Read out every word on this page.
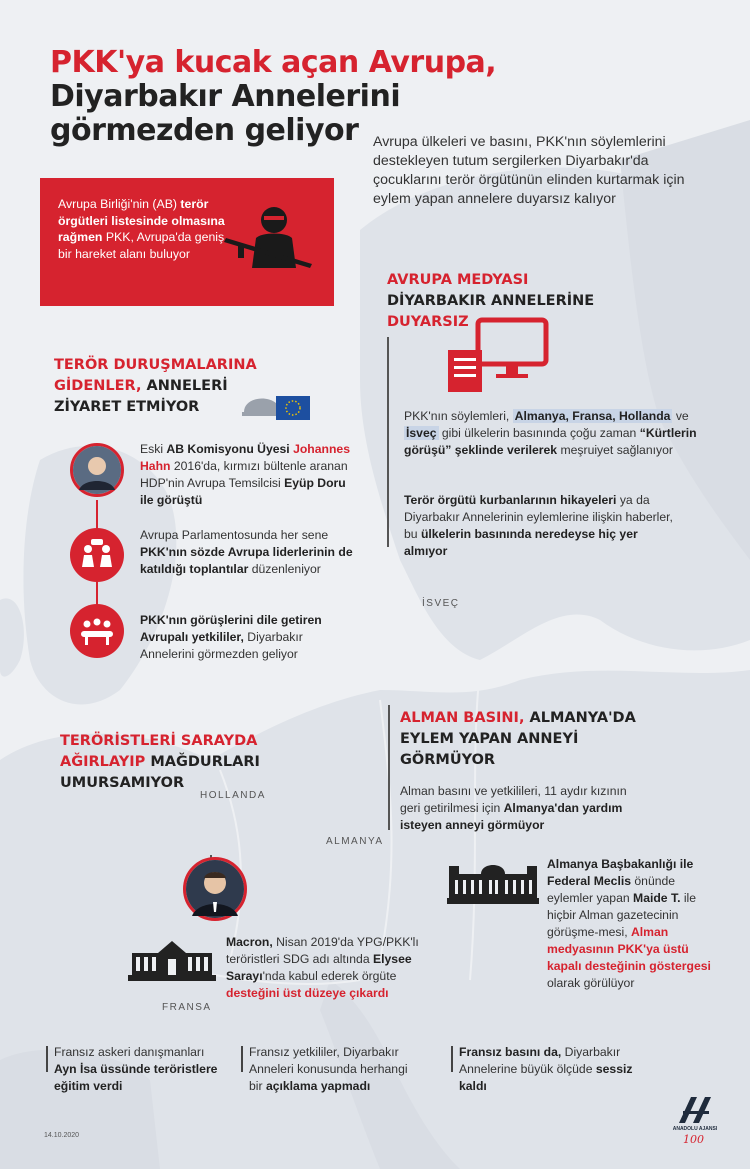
PKK'ya kucak açan Avrupa,
Diyarbakır Annelerini
görmezden geliyor	Avrupa ülkeleri ve basını, PKK'nın söylemlerini destekleyen tutum sergilerken Diyarbakır'da çocuklarını terör örgütünün elinden kurtarmak için eylem yapan annelere duyarsız kalıyor
Avrupa Birliği'nin (AB) terör örgütleri listesinde olmasına rağmen PKK, Avrupa'da geniş bir hareket alanı buluyor
TERÖR DURUŞMALARINA GİDENLER, ANNELERİ
ZİYARET ETMİYOR
Eski AB Komisyonu Üyesi Johannes Hahn 2016'da, kırmızı bültenle aranan HDP'nin Avrupa Temsilcisi Eyüp Doru ile görüştü
Avrupa Parlamentosunda her sene PKK'nın sözde Avrupa liderlerinin de katıldığı toplantılar düzenleniyor
PKK'nın görüşlerini dile getiren Avrupalı yetkililer, Diyarbakır Annelerini görmezden geliyor
AVRUPA MEDYASI
DİYARBAKIR ANNELERİNE
DUYARSIZ
PKK'nın söylemleri, Almanya, Fransa, Hollanda ve İsveç gibi ülkelerin basınında çoğu zaman “Kürtlerin görüşü” şeklinde verilerek meşruiyet sağlanıyor
Terör örgütü kurbanlarının hikayeleri ya da Diyarbakır Annelerinin eylemlerine ilişkin haberler, bu ülkelerin basınında neredeyse hiç yer almıyor
İSVEÇ
HOLLANDA
ALMANYA
FRANSA
TERÖRİSTLERİ SARAYDA
AĞIRLAYIP MAĞDURLARI
UMURSAMIYOR
Macron, Nisan 2019'da YPG/PKK'lı teröristleri SDG adı altında Elysee Sarayı'nda kabul ederek örgüte desteğini üst düzeye çıkardı
ALMAN BASINI, ALMANYA'DA
EYLEM YAPAN ANNEYİ
GÖRMÜYOR
Alman basını ve yetkilileri, 11 aydır kızının geri getirilmesi için Almanya'dan yardım isteyen anneyi görmüyor
Almanya Başbakanlığı ile Federal Meclis önünde eylemler yapan Maide T. ile hiçbir Alman gazetecinin görüşme-mesi, Alman medyasının PKK'ya üstü kapalı desteğinin göstergesi olarak görülüyor
Fransız askeri danışmanları Ayn İsa üssünde teröristlere eğitim verdi
Fransız yetkililer, Diyarbakır Anneleri konusunda herhangi bir açıklama yapmadı
Fransız basını da, Diyarbakır Annelerine büyük ölçüde sessiz kaldı
14.10.2020
ANADOLU AJANSI
100
